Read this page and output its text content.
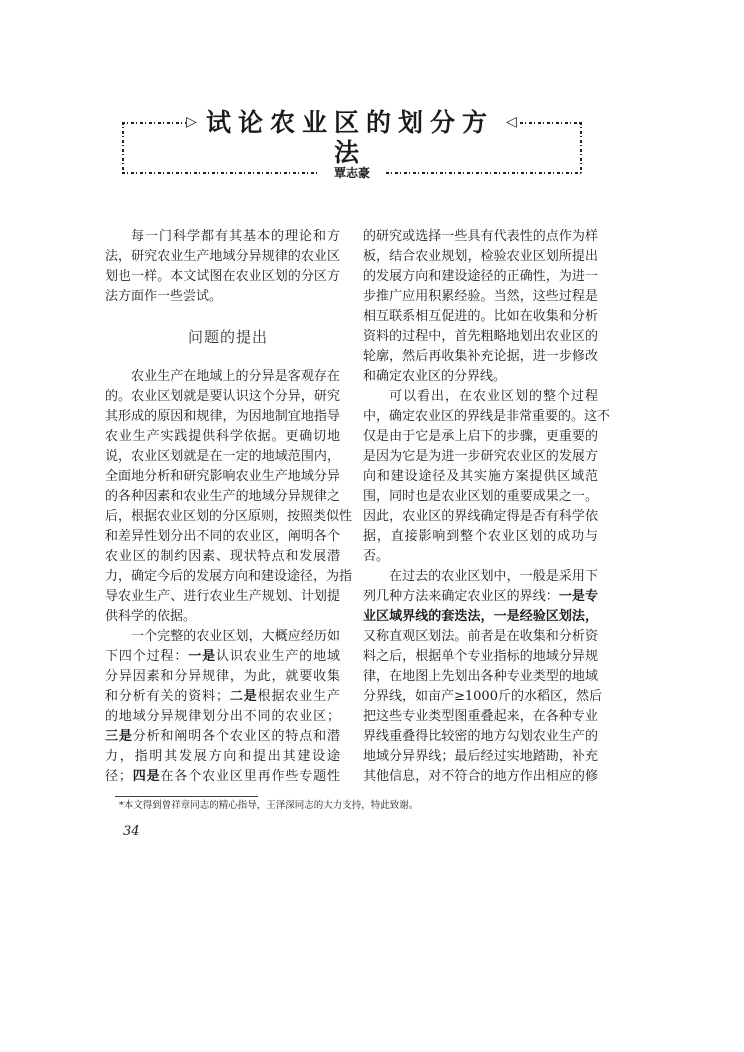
▷	◁
试论农业区的划分方法
覃志豪
每一门科学都有其基本的理论和方
法，研究农业生产地域分异规律的农业区
划也一样。本文试图在农业区划的分区方
法方面作一些尝试。
农业生产在地域上的分异是客观存在
的。农业区划就是要认识这个分异，研究
其形成的原因和规律，为因地制宜地指导
农业生产实践提供科学依据。更确切地
说，农业区划就是在一定的地域范围内，
全面地分析和研究影响农业生产地域分异
的各种因素和农业生产的地域分异规律之
后，根据农业区划的分区原则，按照类似性
和差异性划分出不同的农业区，阐明各个
农业区的制约因素、现状特点和发展潜
力，确定今后的发展方向和建设途径，为指
导农业生产、进行农业生产规划、计划提
供科学的依据。
一个完整的农业区划，大概应经历如
下四个过程：一是认识农业生产的地域
分异因素和分异规律，为此，就要收集
和分析有关的资料；二是根据农业生产
的地域分异规律划分出不同的农业区；
三是分析和阐明各个农业区的特点和潜
力，指明其发展方向和提出其建设途
径；四是在各个农业区里再作些专题性
问题的提出
的研究或选择一些具有代表性的点作为样
板，结合农业规划，检验农业区划所提出
的发展方向和建设途径的正确性，为进一
步推广应用积累经验。当然，这些过程是
相互联系相互促进的。比如在收集和分析
资料的过程中，首先粗略地划出农业区的
轮廓，然后再收集补充论据，进一步修改
和确定农业区的分界线。
可以看出，在农业区划的整个过程
中，确定农业区的界线是非常重要的。这不
仅是由于它是承上启下的步骤，更重要的
是因为它是为进一步研究农业区的发展方
向和建设途径及其实施方案提供区域范
围，同时也是农业区划的重要成果之一。
因此，农业区的界线确定得是否有科学依
据，直接影响到整个农业区划的成功与
否。
在过去的农业区划中，一般是采用下
列几种方法来确定农业区的界线：一是专
业区域界线的套迭法，一是经验区划法，
又称直观区划法。前者是在收集和分析资
料之后，根据单个专业指标的地域分异规
律，在地图上先划出各种专业类型的地域
分界线，如亩产≥1000斤的水稻区，然后
把这些专业类型图重叠起来，在各种专业
界线重叠得比较密的地方勾划农业生产的
地域分异界线；最后经过实地踏勘，补充
其他信息，对不符合的地方作出相应的修
*本文得到曾祥章同志的精心指导，王泽深同志的大力支持，特此致谢。
34
